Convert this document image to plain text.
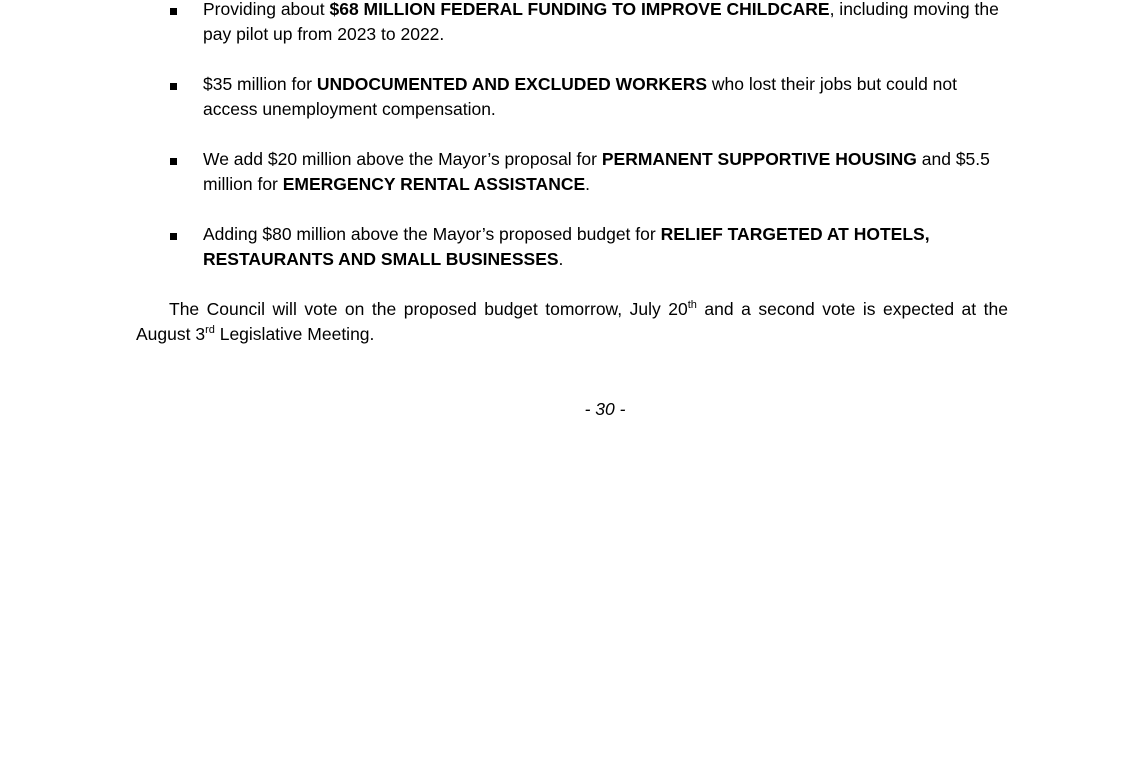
Providing about $68 MILLION FEDERAL FUNDING TO IMPROVE CHILDCARE, including moving the pay pilot up from 2023 to 2022.
$35 million for UNDOCUMENTED AND EXCLUDED WORKERS who lost their jobs but could not access unemployment compensation.
We add $20 million above the Mayor’s proposal for PERMANENT SUPPORTIVE HOUSING and $5.5 million for EMERGENCY RENTAL ASSISTANCE.
Adding $80 million above the Mayor’s proposed budget for RELIEF TARGETED AT HOTELS, RESTAURANTS AND SMALL BUSINESSES.
The Council will vote on the proposed budget tomorrow, July 20th and a second vote is expected at the August 3rd Legislative Meeting.
- 30 -
